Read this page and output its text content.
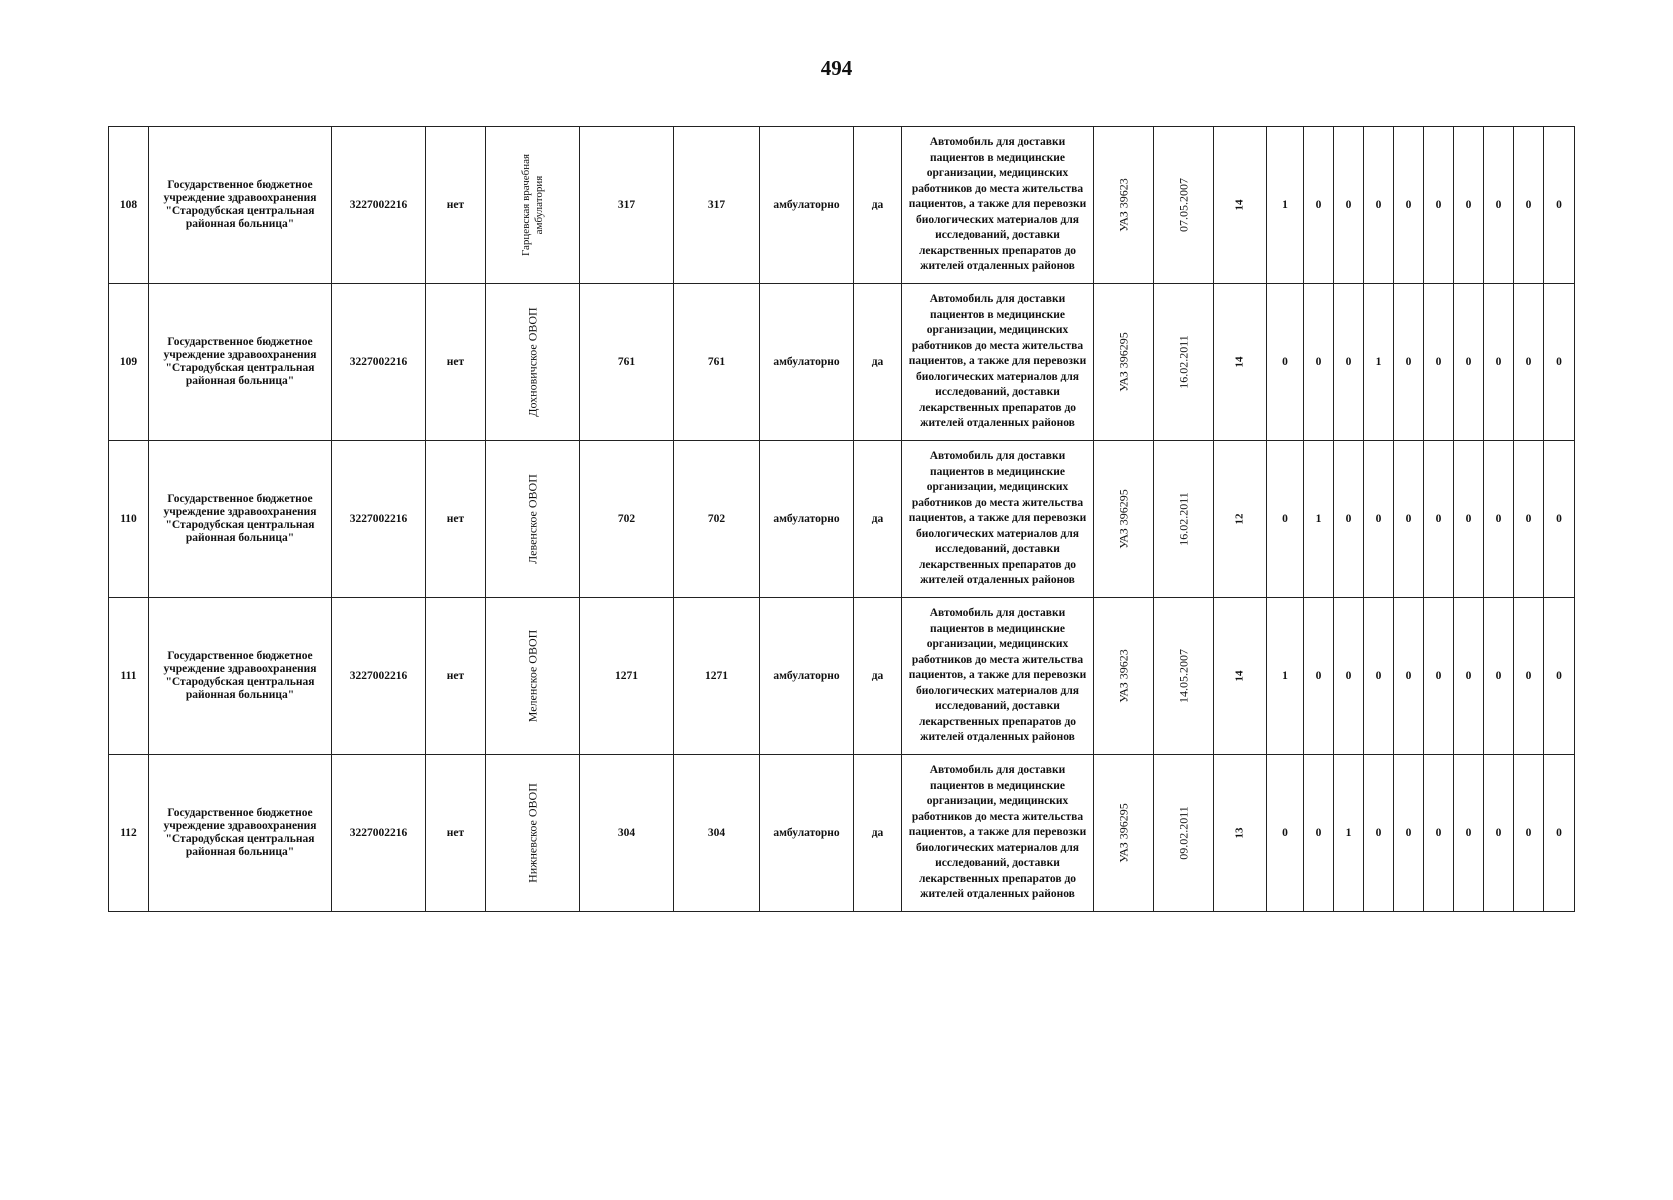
494
108	Государственное бюджетное учреждение здравоохранения "Стародубская центральная районная больница"	3227002216	нет	Гарцевская врачебная амбулатория	317	317	амбулаторно	да	Автомобиль для доставки пациентов в медицинские организации, медицинских работников до места жительства пациентов, а также для перевозки биологических материалов для исследований, доставки лекарственных препаратов до жителей отдаленных районов	УАЗ 39623	07.05.2007	14	1	0	0	0	0	0	0	0	0	0
109	Государственное бюджетное учреждение здравоохранения "Стародубская центральная районная больница"	3227002216	нет	Дохновичское ОВОП	761	761	амбулаторно	да	Автомобиль для доставки пациентов в медицинские организации, медицинских работников до места жительства пациентов, а также для перевозки биологических материалов для исследований, доставки лекарственных препаратов до жителей отдаленных районов	УАЗ 396295	16.02.2011	14	0	0	0	1	0	0	0	0	0	0
110	Государственное бюджетное учреждение здравоохранения "Стародубская центральная районная больница"	3227002216	нет	Левенское ОВОП	702	702	амбулаторно	да	Автомобиль для доставки пациентов в медицинские организации, медицинских работников до места жительства пациентов, а также для перевозки биологических материалов для исследований, доставки лекарственных препаратов до жителей отдаленных районов	УАЗ 396295	16.02.2011	12	0	1	0	0	0	0	0	0	0	0
111	Государственное бюджетное учреждение здравоохранения "Стародубская центральная районная больница"	3227002216	нет	Меленское ОВОП	1271	1271	амбулаторно	да	Автомобиль для доставки пациентов в медицинские организации, медицинских работников до места жительства пациентов, а также для перевозки биологических материалов для исследований, доставки лекарственных препаратов до жителей отдаленных районов	УАЗ 39623	14.05.2007	14	1	0	0	0	0	0	0	0	0	0
112	Государственное бюджетное учреждение здравоохранения "Стародубская центральная районная больница"	3227002216	нет	Нижневское ОВОП	304	304	амбулаторно	да	Автомобиль для доставки пациентов в медицинские организации, медицинских работников до места жительства пациентов, а также для перевозки биологических материалов для исследований, доставки лекарственных препаратов до жителей отдаленных районов	УАЗ 396295	09.02.2011	13	0	0	1	0	0	0	0	0	0	0
